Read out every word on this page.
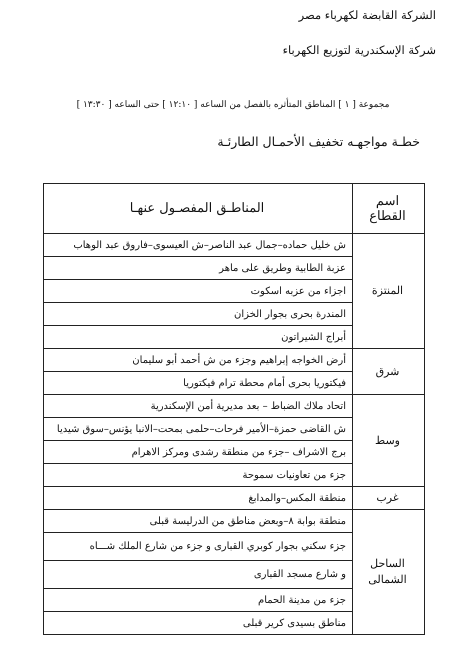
الشركة القابضة لكهرباء مصر
شركة الإسكندرية لتوزيع الكهرباء
مجموعة [ ١ ] المناطق المتأثره بالفصل من الساعه [ ١٢:١٠ ] حتى الساعه [ ١٣:٣٠ ]
خطـة مواجهـه تخفيف الأحمـال الطارئـة
اسم القطاع	المناطـق المفصـول عنهـا
المنتزة	ش خليل حماده–جمال عبد الناصر–ش العيسوى–فاروق عبد الوهاب
	عزبة الطابية وطريق على ماهر
	اجزاء من عزبه اسكوت
	المندرة بحرى بجوار الخزان
	أبراج الشيراتون
شرق	أرض الخواجه إبراهيم وجزء من ش أحمد أبو سليمان
	فيكتوريا بحرى أمام محطة ترام فيكتوريا
وسط	اتحاد ملاك الضباط – بعد مديرية أمن الإسكندرية
	ش القاضى حمزة–الأمير فرحات–حلمى بمحت–الانبا يؤنس–سوق شيديا
	برج الاشراف –جزء من منطقة رشدى ومركز الاهرام
	جزء من تعاونيات سموحة
غرب	منطقة المكس–والمدابغ
الساحل الشمالى	منطقة بوابة ٨–وبعض مناطق من الدرليسة قبلى
	جزء سكني بجوار كوبري القبارى و جزء من شارع الملك شـــاه
	و شارع مسجد القبارى
	جزء من مدينة الحمام
	مناطق بسيدى كرير قبلى
